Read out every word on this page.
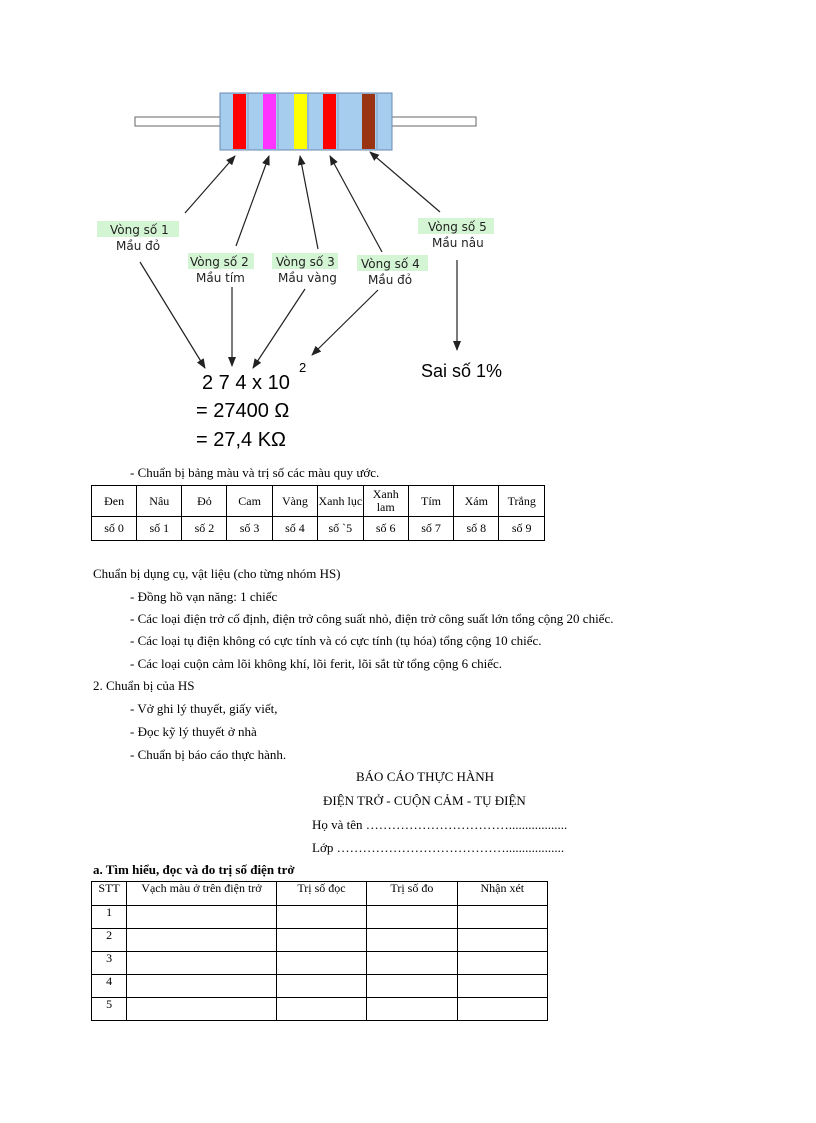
Vòng số 1
Mầu đỏ
Vòng số 2
Mầu tím
Vòng số 3
Mầu vàng
Vòng số 4
Mầu đỏ
Vòng số 5
Mầu nâu
2 7 4 x 10
2
= 27400 Ω
= 27,4 KΩ
Sai số 1%
- Chuẩn bị bảng màu và trị số các màu quy ước.
Đen	Nâu	Đỏ	Cam	Vàng	Xanh lục	Xanh lam	Tím	Xám	Trắng
số 0	số 1	số 2	số 3	số 4	số `5	số 6	số 7	số 8	số 9
Chuẩn bị dụng cụ, vật liệu (cho từng nhóm HS)
- Đồng hồ vạn năng: 1 chiếc
- Các loại điện trở cố định, điện trở công suất nhỏ, điện trở công suất lớn tổng cộng 20 chiếc.
- Các loại tụ điện không có cực tính và có cực tính (tụ hóa) tổng cộng 10 chiếc.
- Các loại cuộn cảm lõi không khí, lõi ferit, lõi sắt từ tổng cộng 6 chiếc.
2. Chuẩn bị của HS
- Vở ghi lý thuyết, giấy viết,
- Đọc kỹ lý thuyết ở nhà
- Chuẩn bị báo cáo thực hành.
BÁO CÁO THỰC HÀNH
ĐIỆN TRỞ - CUỘN CẢM - TỤ ĐIỆN
Họ và tên ……………………………..................
Lớp …………………………………..................
a. Tìm hiểu, đọc và đo trị số điện trở
STT	Vạch màu ở trên điện trở	Trị số đọc	Trị số đo	Nhận xét
1				
2				
3				
4				
5				
